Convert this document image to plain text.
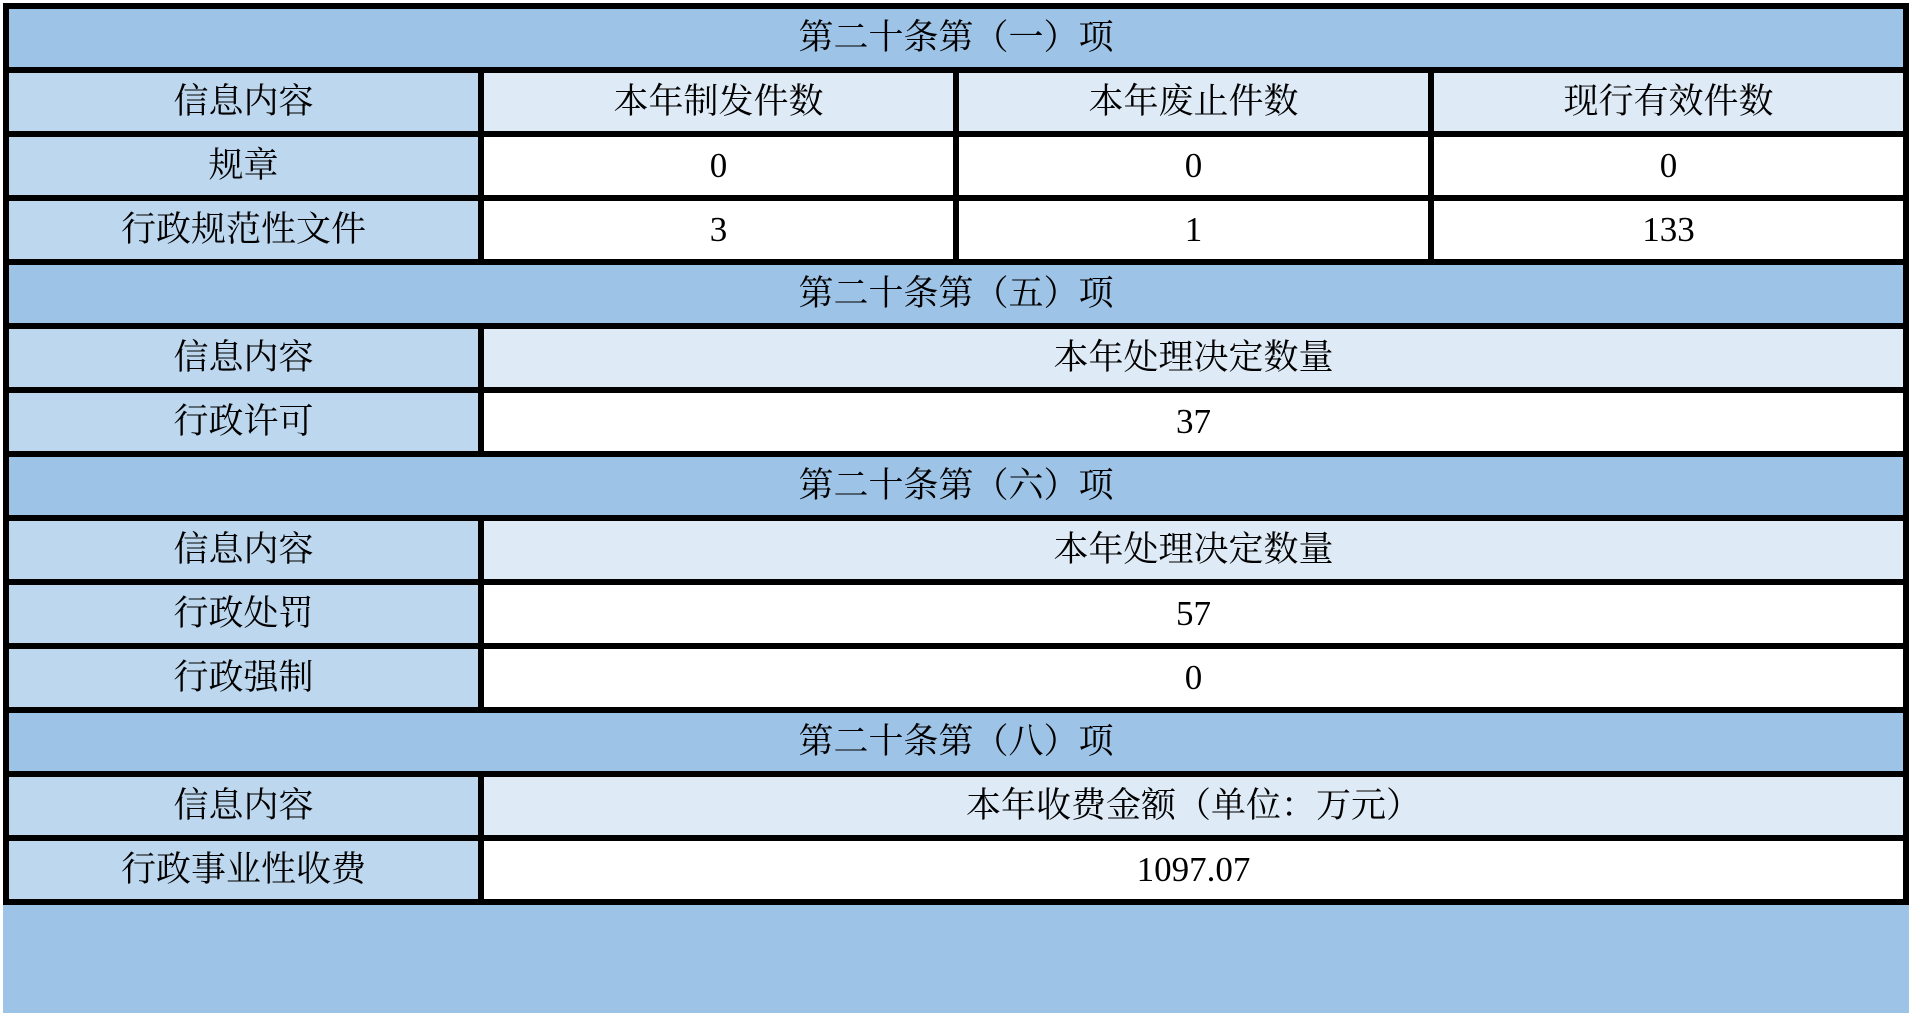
第二十条第（一）项			
信息内容	本年制发件数	本年废止件数	现行有效件数
规章	0	0	0
行政规范性文件	3	1	133
第二十条第（五）项			
信息内容	本年处理决定数量		
行政许可	37		
第二十条第（六）项			
信息内容	本年处理决定数量		
行政处罚	57		
行政强制	0		
第二十条第（八）项			
信息内容	本年收费金额（单位：万元）		
行政事业性收费	1097.07		
